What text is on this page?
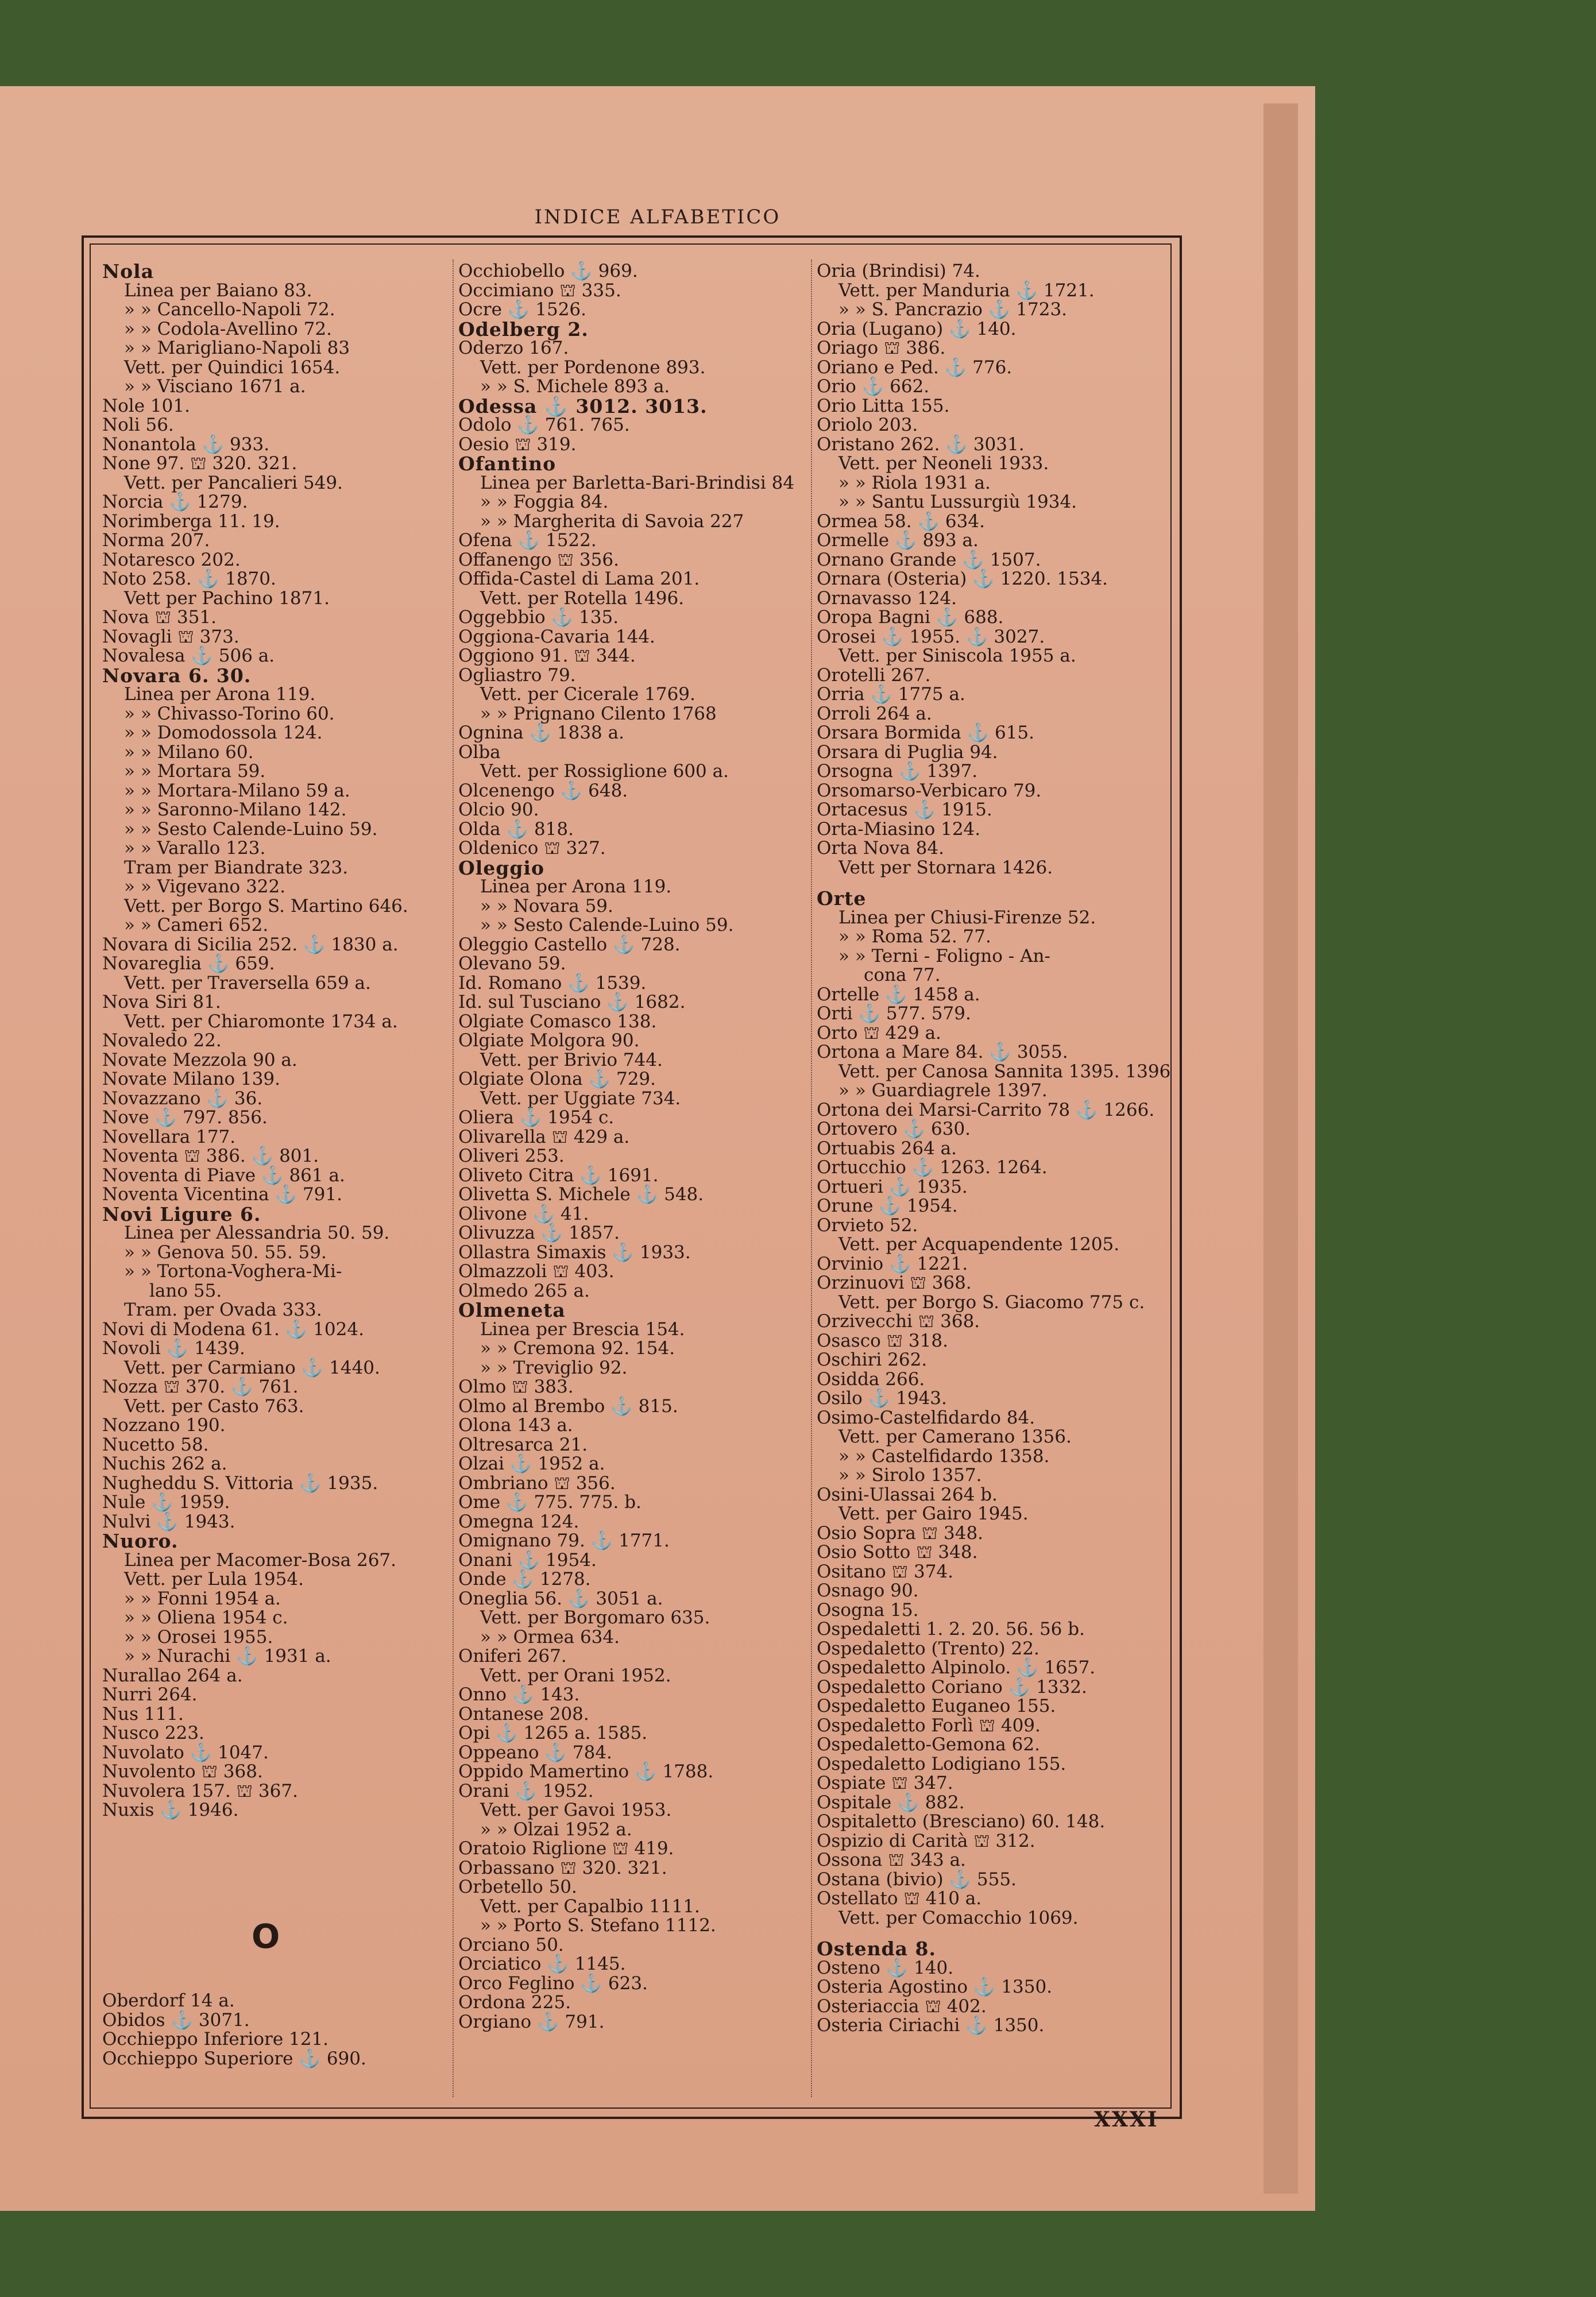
INDICE ALFABETICO
Nola
Linea per Baiano 83.
» » Cancello-Napoli 72.
» » Codola-Avellino 72.
» » Marigliano-Napoli 83
Vett. per Quindici 1654.
» » Visciano 1671 a.
Nole 101.
Noli 56.
Nonantola ⚓ 933.
None 97. ⛫ 320. 321.
Vett. per Pancalieri 549.
Norcia ⚓ 1279.
Norimberga 11. 19.
Norma 207.
Notaresco 202.
Noto 258. ⚓ 1870.
Vett per Pachino 1871.
Nova ⛫ 351.
Novagli ⛫ 373.
Novalesa ⚓ 506 a.
Novara 6. 30.
Linea per Arona 119.
» » Chivasso-Torino 60.
» » Domodossola 124.
» » Milano 60.
» » Mortara 59.
» » Mortara-Milano 59 a.
» » Saronno-Milano 142.
» » Sesto Calende-Luino 59.
» » Varallo 123.
Tram per Biandrate 323.
» » Vigevano 322.
Vett. per Borgo S. Martino 646.
» » Cameri 652.
Novara di Sicilia 252. ⚓ 1830 a.
Novareglia ⚓ 659.
Vett. per Traversella 659 a.
Nova Siri 81.
Vett. per Chiaromonte 1734 a.
Novaledo 22.
Novate Mezzola 90 a.
Novate Milano 139.
Novazzano ⚓ 36.
Nove ⚓ 797. 856.
Novellara 177.
Noventa ⛫ 386. ⚓ 801.
Noventa di Piave ⚓ 861 a.
Noventa Vicentina ⚓ 791.
Novi Ligure 6.
Linea per Alessandria 50. 59.
» » Genova 50. 55. 59.
» » Tortona-Voghera-Mi-
lano 55.
Tram. per Ovada 333.
Novi di Modena 61. ⚓ 1024.
Novoli ⚓ 1439.
Vett. per Carmiano ⚓ 1440.
Nozza ⛫ 370. ⚓ 761.
Vett. per Casto 763.
Nozzano 190.
Nucetto 58.
Nuchis 262 a.
Nugheddu S. Vittoria ⚓ 1935.
Nule ⚓ 1959.
Nulvi ⚓ 1943.
Nuoro.
Linea per Macomer-Bosa 267.
Vett. per Lula 1954.
» » Fonni 1954 a.
» » Oliena 1954 c.
» » Orosei 1955.
» » Nurachi ⚓ 1931 a.
Nurallao 264 a.
Nurri 264.
Nus 111.
Nusco 223.
Nuvolato ⚓ 1047.
Nuvolento ⛫ 368.
Nuvolera 157. ⛫ 367.
Nuxis ⚓ 1946.
Occhiobello ⚓ 969.
Occimiano ⛫ 335.
Ocre ⚓ 1526.
Odelberg 2.
Oderzo 167.
Vett. per Pordenone 893.
» » S. Michele 893 a.
Odessa ⚓ 3012. 3013.
Odolo ⚓ 761. 765.
Oesio ⛫ 319.
Ofantino
Linea per Barletta-Bari-Brindisi 84
» » Foggia 84.
» » Margherita di Savoia 227
Ofena ⚓ 1522.
Offanengo ⛫ 356.
Offida-Castel di Lama 201.
Vett. per Rotella 1496.
Oggebbio ⚓ 135.
Oggiona-Cavaria 144.
Oggiono 91. ⛫ 344.
Ogliastro 79.
Vett. per Cicerale 1769.
» » Prignano Cilento 1768
Ognina ⚓ 1838 a.
Olba
Vett. per Rossiglione 600 a.
Olcenengo ⚓ 648.
Olcio 90.
Olda ⚓ 818.
Oldenico ⛫ 327.
Oleggio
Linea per Arona 119.
» » Novara 59.
» » Sesto Calende-Luino 59.
Oleggio Castello ⚓ 728.
Olevano 59.
Id. Romano ⚓ 1539.
Id. sul Tusciano ⚓ 1682.
Olgiate Comasco 138.
Olgiate Molgora 90.
Vett. per Brivio 744.
Olgiate Olona ⚓ 729.
Vett. per Uggiate 734.
Oliera ⚓ 1954 c.
Olivarella ⛫ 429 a.
Oliveri 253.
Oliveto Citra ⚓ 1691.
Olivetta S. Michele ⚓ 548.
Olivone ⚓ 41.
Olivuzza ⚓ 1857.
Ollastra Simaxis ⚓ 1933.
Olmazzoli ⛫ 403.
Olmedo 265 a.
Olmeneta
Linea per Brescia 154.
» » Cremona 92. 154.
» » Treviglio 92.
Olmo ⛫ 383.
Olmo al Brembo ⚓ 815.
Olona 143 a.
Oltresarca 21.
Olzai ⚓ 1952 a.
Ombriano ⛫ 356.
Ome ⚓ 775. 775. b.
Omegna 124.
Omignano 79. ⚓ 1771.
Onani ⚓ 1954.
Onde ⚓ 1278.
Oneglia 56. ⚓ 3051 a.
Vett. per Borgomaro 635.
» » Ormea 634.
Oniferi 267.
Vett. per Orani 1952.
Onno ⚓ 143.
Ontanese 208.
Opi ⚓ 1265 a. 1585.
Oppeano ⚓ 784.
Oppido Mamertino ⚓ 1788.
Orani ⚓ 1952.
Vett. per Gavoi 1953.
» » Olzai 1952 a.
Oratoio Riglione ⛫ 419.
Orbassano ⛫ 320. 321.
Orbetello 50.
Vett. per Capalbio 1111.
» » Porto S. Stefano 1112.
Orciano 50.
Orciatico ⚓ 1145.
Orco Feglino ⚓ 623.
Ordona 225.
Orgiano ⚓ 791.
Oria (Brindisi) 74.
Vett. per Manduria ⚓ 1721.
» » S. Pancrazio ⚓ 1723.
Oria (Lugano) ⚓ 140.
Oriago ⛫ 386.
Oriano e Ped. ⚓ 776.
Orio ⚓ 662.
Orio Litta 155.
Oriolo 203.
Oristano 262. ⚓ 3031.
Vett. per Neoneli 1933.
» » Riola 1931 a.
» » Santu Lussurgiù 1934.
Ormea 58. ⚓ 634.
Ormelle ⚓ 893 a.
Ornano Grande ⚓ 1507.
Ornara (Osteria) ⚓ 1220. 1534.
Ornavasso 124.
Oropa Bagni ⚓ 688.
Orosei ⚓ 1955. ⚓ 3027.
Vett. per Siniscola 1955 a.
Orotelli 267.
Orria ⚓ 1775 a.
Orroli 264 a.
Orsara Bormida ⚓ 615.
Orsara di Puglia 94.
Orsogna ⚓ 1397.
Orsomarso-Verbicaro 79.
Ortacesus ⚓ 1915.
Orta-Miasino 124.
Orta Nova 84.
Vett per Stornara 1426.
Orte
Linea per Chiusi-Firenze 52.
» » Roma 52. 77.
» » Terni - Foligno - An-
cona 77.
Ortelle ⚓ 1458 a.
Orti ⚓ 577. 579.
Orto ⛫ 429 a.
Ortona a Mare 84. ⚓ 3055.
Vett. per Canosa Sannita 1395. 1396
» » Guardiagrele 1397.
Ortona dei Marsi-Carrito 78 ⚓ 1266.
Ortovero ⚓ 630.
Ortuabis 264 a.
Ortucchio ⚓ 1263. 1264.
Ortueri ⚓ 1935.
Orune ⚓ 1954.
Orvieto 52.
Vett. per Acquapendente 1205.
Orvinio ⚓ 1221.
Orzinuovi ⛫ 368.
Vett. per Borgo S. Giacomo 775 c.
Orzivecchi ⛫ 368.
Osasco ⛫ 318.
Oschiri 262.
Osidda 266.
Osilo ⚓ 1943.
Osimo-Castelfidardo 84.
Vett. per Camerano 1356.
» » Castelfidardo 1358.
» » Sirolo 1357.
Osini-Ulassai 264 b.
Vett. per Gairo 1945.
Osio Sopra ⛫ 348.
Osio Sotto ⛫ 348.
Ositano ⛫ 374.
Osnago 90.
Osogna 15.
Ospedaletti 1. 2. 20. 56. 56 b.
Ospedaletto (Trento) 22.
Ospedaletto Alpinolo. ⚓ 1657.
Ospedaletto Coriano ⚓ 1332.
Ospedaletto Euganeo 155.
Ospedaletto Forlì ⛫ 409.
Ospedaletto-Gemona 62.
Ospedaletto Lodigiano 155.
Ospiate ⛫ 347.
Ospitale ⚓ 882.
Ospitaletto (Bresciano) 60. 148.
Ospizio di Carità ⛫ 312.
Ossona ⛫ 343 a.
Ostana (bivio) ⚓ 555.
Ostellato ⛫ 410 a.
Vett. per Comacchio 1069.
Ostenda 8.
Osteno ⚓ 140.
Osteria Agostino ⚓ 1350.
Osteriaccia ⛫ 402.
Osteria Ciriachi ⚓ 1350.
O
Oberdorf 14 a.
Obidos ⚓ 3071.
Occhieppo Inferiore 121.
Occhieppo Superiore ⚓ 690.
XXXI
